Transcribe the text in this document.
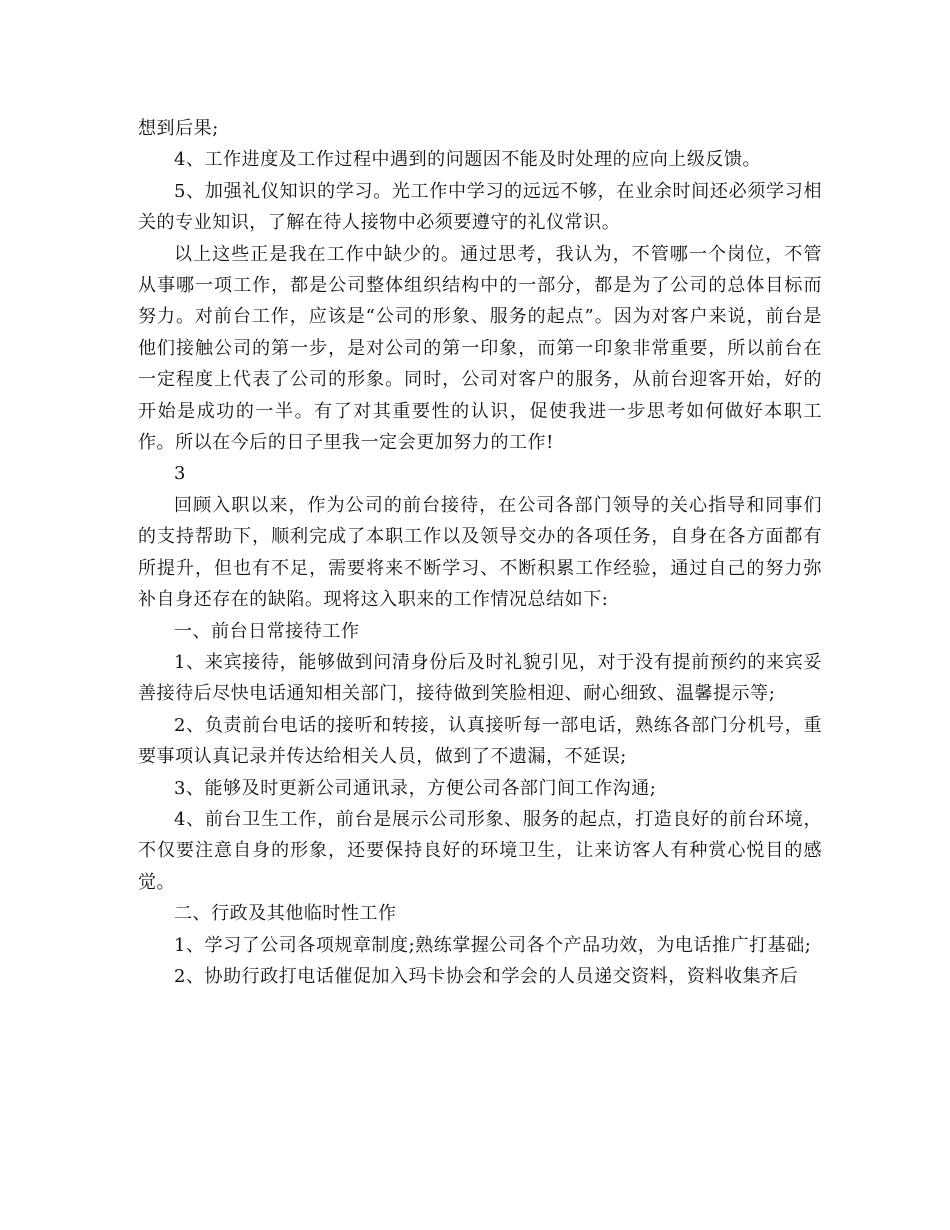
想到后果;

4、工作进度及工作过程中遇到的问题因不能及时处理的应向上级反馈。

5、加强礼仪知识的学习。光工作中学习的远远不够，在业余时间还必须学习相关的专业知识，了解在待人接物中必须要遵守的礼仪常识。

以上这些正是我在工作中缺少的。通过思考，我认为，不管哪一个岗位，不管从事哪一项工作，都是公司整体组织结构中的一部分，都是为了公司的总体目标而努力。对前台工作，应该是“公司的形象、服务的起点”。因为对客户来说，前台是他们接触公司的第一步，是对公司的第一印象，而第一印象非常重要，所以前台在一定程度上代表了公司的形象。同时，公司对客户的服务，从前台迎客开始，好的开始是成功的一半。有了对其重要性的认识，促使我进一步思考如何做好本职工作。所以在今后的日子里我一定会更加努力的工作!

3

回顾入职以来，作为公司的前台接待，在公司各部门领导的关心指导和同事们的支持帮助下，顺利完成了本职工作以及领导交办的各项任务，自身在各方面都有所提升，但也有不足，需要将来不断学习、不断积累工作经验，通过自己的努力弥补自身还存在的缺陷。现将这入职来的工作情况总结如下:

一、前台日常接待工作

1、来宾接待，能够做到问清身份后及时礼貌引见，对于没有提前预约的来宾妥善接待后尽快电话通知相关部门，接待做到笑脸相迎、耐心细致、温馨提示等;

2、负责前台电话的接听和转接，认真接听每一部电话，熟练各部门分机号，重要事项认真记录并传达给相关人员，做到了不遗漏，不延误;

3、能够及时更新公司通讯录，方便公司各部门间工作沟通;

4、前台卫生工作，前台是展示公司形象、服务的起点，打造良好的前台环境，不仅要注意自身的形象，还要保持良好的环境卫生，让来访客人有种赏心悦目的感觉。

二、行政及其他临时性工作

1、学习了公司各项规章制度;熟练掌握公司各个产品功效，为电话推广打基础;

2、协助行政打电话催促加入玛卡协会和学会的人员递交资料，资料收集齐后
